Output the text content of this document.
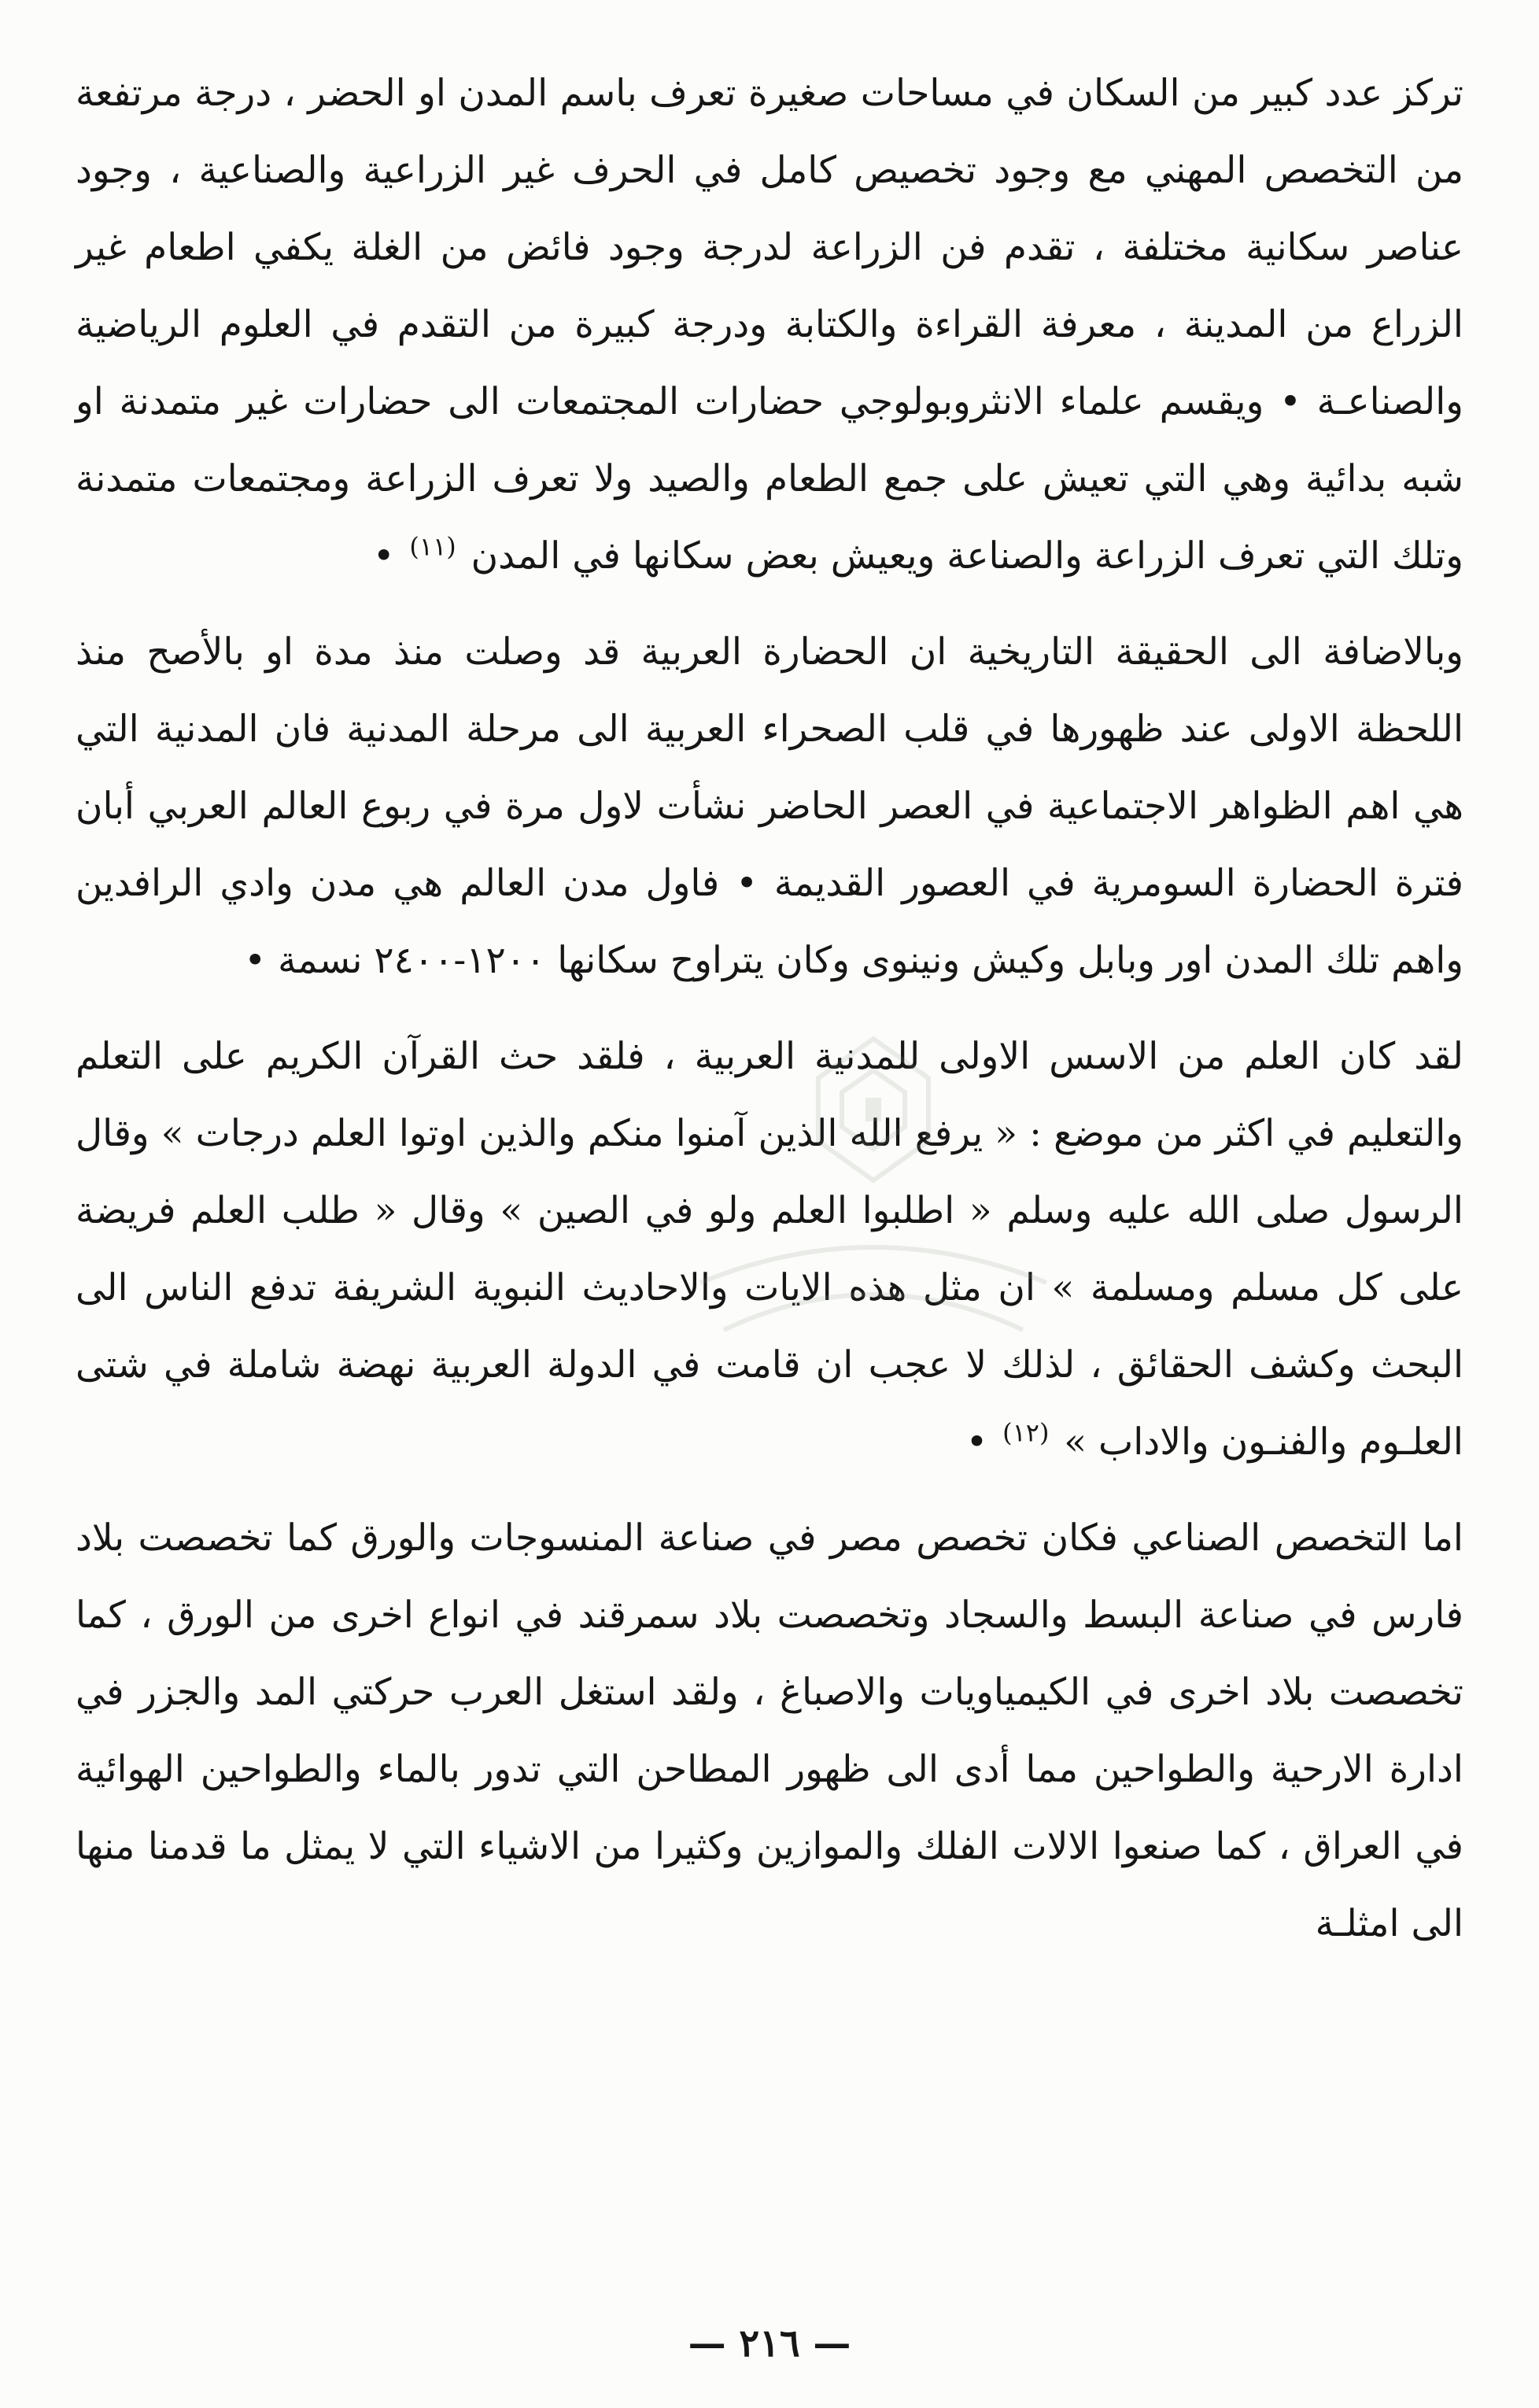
تركز عدد كبير من السكان في مساحات صغيرة تعرف باسم المدن او الحضر ، درجة مرتفعة من التخصص المهني مع وجود تخصيص كامل في الحرف غير الزراعية والصناعية ، وجود عناصر سكانية مختلفة ، تقدم فن الزراعة لدرجة وجود فائض من الغلة يكفي اطعام غير الزراع من المدينة ، معرفة القراءة والكتابة ودرجة كبيرة من التقدم في العلوم الرياضية والصناعـة • ويقسم علماء الانثروبولوجي حضارات المجتمعات الى حضارات غير متمدنة او شبه بدائية وهي التي تعيش على جمع الطعام والصيد ولا تعرف الزراعة ومجتمعات متمدنة وتلك التي تعرف الزراعة والصناعة ويعيش بعض سكانها في المدن$^{(١١)}$•

وبالاضافة الى الحقيقة التاريخية ان الحضارة العربية قد وصلت منذ مدة او بالأصح منذ اللحظة الاولى عند ظهورها في قلب الصحراء العربية الى مرحلة المدنية فان المدنية التي هي اهم الظواهر الاجتماعية في العصر الحاضر نشأت لاول مرة في ربوع العالم العربي أبان فترة الحضارة السومرية في العصور القديمة • فاول مدن العالم هي مدن وادي الرافدين واهم تلك المدن اور وبابل وكيش ونينوى وكان يتراوح سكانها ١٢٠٠-٢٤٠٠ نسمة •

لقد كان العلم من الاسس الاولى للمدنية العربية ، فلقد حث القرآن الكريم على التعلم والتعليم في اكثر من موضع : « يرفع الله الذين آمنوا منكم والذين اوتوا العلم درجات » وقال الرسول صلى الله عليه وسلم « اطلبوا العلم ولو في الصين » وقال « طلب العلم فريضة على كل مسلم ومسلمة » ان مثل هذه الايات والاحاديث النبوية الشريفة تدفع الناس الى البحث وكشف الحقائق ، لذلك لا عجب ان قامت في الدولة العربية نهضة شاملة في شتى العلـوم والفنـون والاداب »$^{(١٢)}$•

اما التخصص الصناعي فكان تخصص مصر في صناعة المنسوجات والورق كما تخصصت بلاد فارس في صناعة البسط والسجاد وتخصصت بلاد سمرقند في انواع اخرى من الورق ، كما تخصصت بلاد اخرى في الكيمياويات والاصباغ ، ولقد استغل العرب حركتي المد والجزر في ادارة الارحية والطواحين مما أدى الى ظهور المطاحن التي تدور بالماء والطواحين الهوائية في العراق ، كما صنعوا الالات الفلك والموازين وكثيرا من الاشياء التي لا يمثل ما قدمنا منها الى امثلـة

— ٢١٦ —
